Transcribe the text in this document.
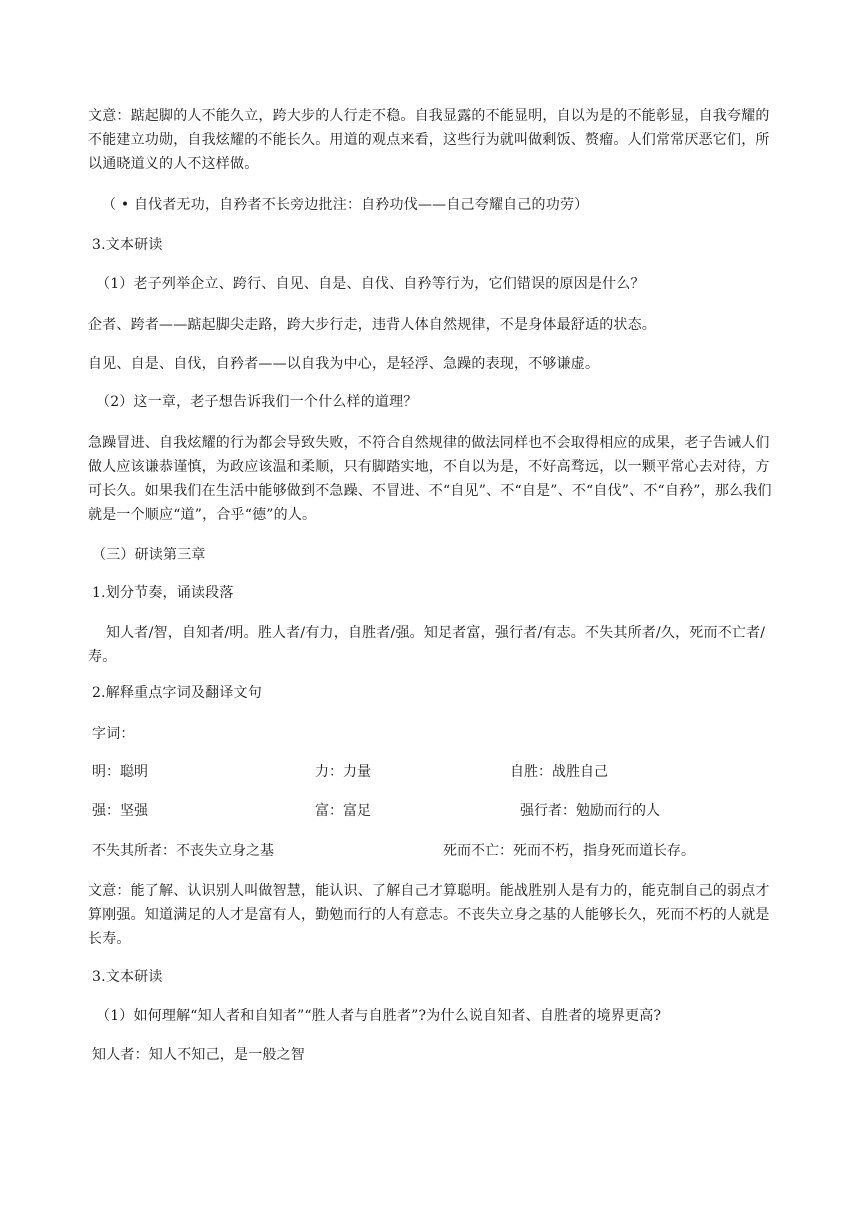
文意：踮起脚的人不能久立，跨大步的人行走不稳。自我显露的不能显明，自以为是的不能彰显，自我夸耀的不能建立功勋，自我炫耀的不能长久。用道的观点来看，这些行为就叫做剩饭、赘瘤。人们常常厌恶它们，所以通晓道义的人不这样做。
（ • 自伐者无功，自矜者不长旁边批注：自矜功伐——自己夸耀自己的功劳）
3.文本研读
（1）老子列举企立、跨行、自见、自是、自伐、自矜等行为，它们错误的原因是什么？
企者、跨者——踮起脚尖走路，跨大步行走，违背人体自然规律，不是身体最舒适的状态。
自见、自是、自伐，自矜者——以自我为中心，是轻浮、急躁的表现，不够谦虚。
（2）这一章，老子想告诉我们一个什么样的道理？
急躁冒进、自我炫耀的行为都会导致失败，不符合自然规律的做法同样也不会取得相应的成果，老子告诫人们做人应该谦恭谨慎，为政应该温和柔顺，只有脚踏实地，不自以为是，不好高骛远，以一颗平常心去对待，方可长久。如果我们在生活中能够做到不急躁、不冒进、不“自见”、不“自是”、不“自伐”、不“自矜”，那么我们就是一个顺应“道”，合乎“德”的人。
（三）研读第三章
1.划分节奏，诵读段落
知人者/智，自知者/明。胜人者/有力，自胜者/强。知足者富，强行者/有志。不失其所者/久，死而不亡者/寿。
2.解释重点字词及翻译文句
字词：
明：聪明	力：力量	自胜：战胜自己
强：坚强	富：富足	强行者：勉励而行的人
不失其所者：不丧失立身之基	死而不亡：死而不朽，指身死而道长存。
文意：能了解、认识别人叫做智慧，能认识、了解自己才算聪明。能战胜别人是有力的，能克制自己的弱点才算刚强。知道满足的人才是富有人，勤勉而行的人有意志。不丧失立身之基的人能够长久，死而不朽的人就是长寿。
3.文本研读
（1）如何理解“知人者和自知者”“胜人者与自胜者”?为什么说自知者、自胜者的境界更高?
知人者：知人不知己，是一般之智
